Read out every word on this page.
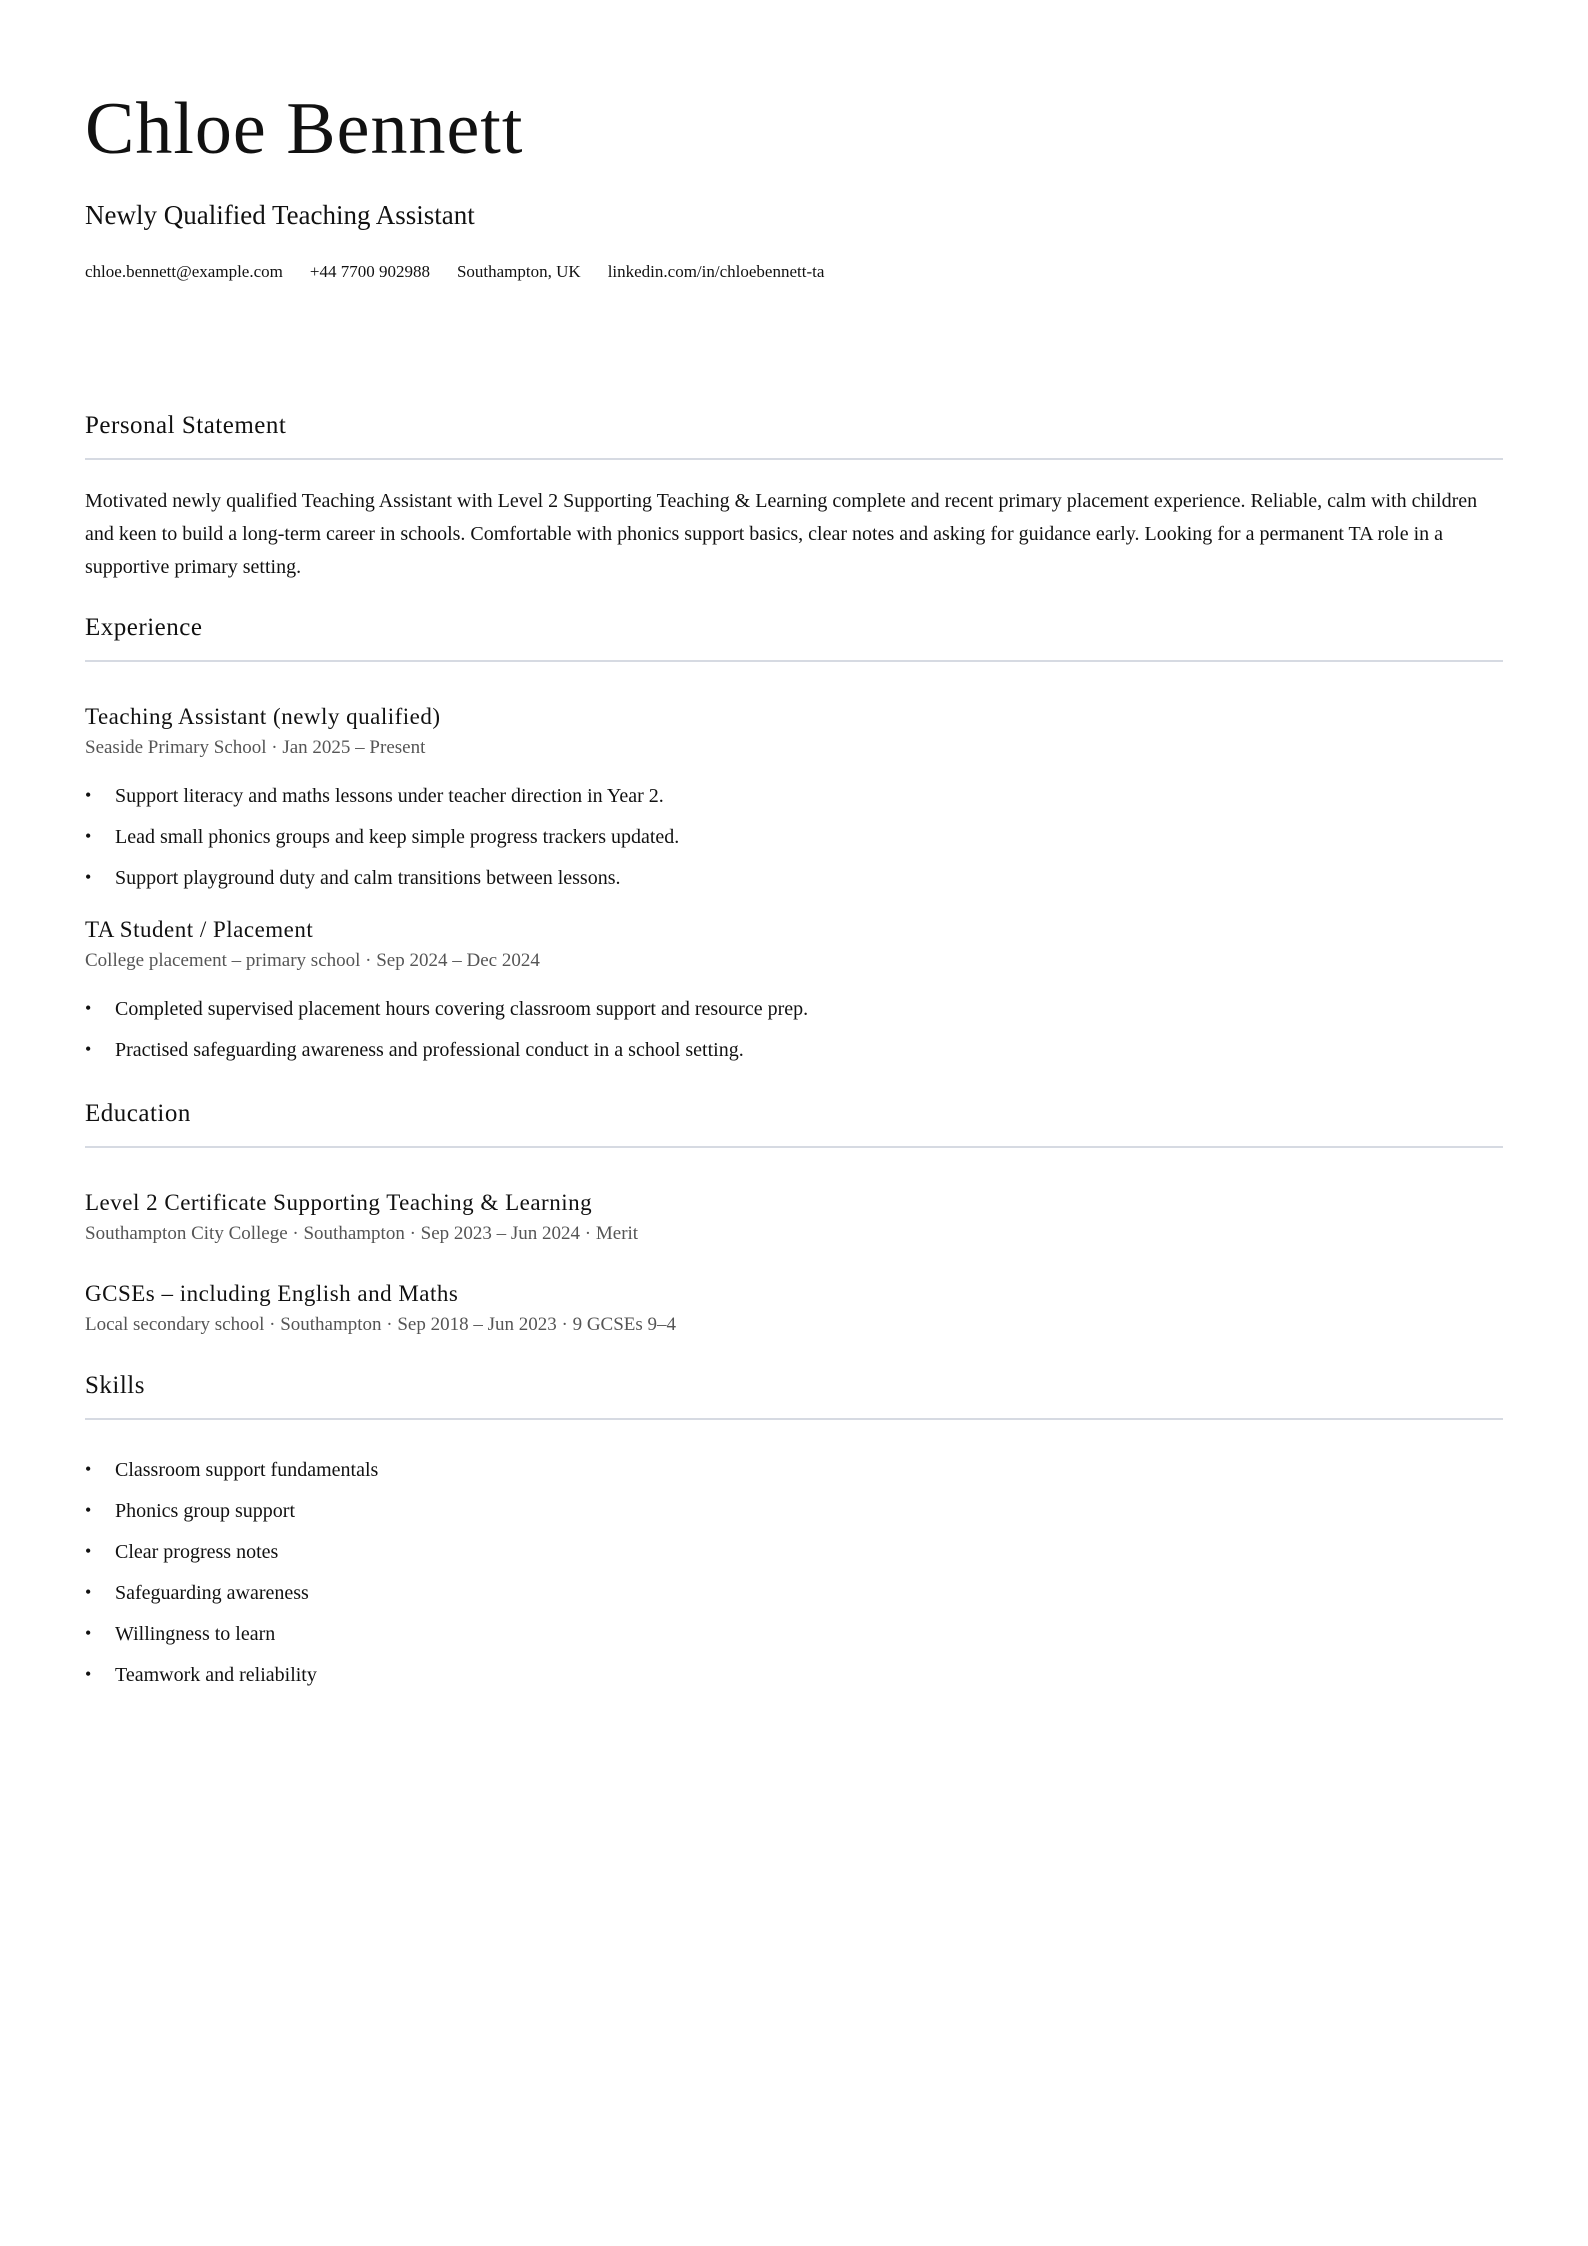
Chloe Bennett
Newly Qualified Teaching Assistant
chloe.bennett@example.com +44 7700 902988 Southampton, UK linkedin.com/in/chloebennett-ta
Personal Statement
Motivated newly qualified Teaching Assistant with Level 2 Supporting Teaching & Learning complete and recent primary placement experience. Reliable, calm with children and keen to build a long-term career in schools. Comfortable with phonics support basics, clear notes and asking for guidance early. Looking for a permanent TA role in a supportive primary setting.
Experience
Teaching Assistant (newly qualified)
Seaside Primary School · Jan 2025 – Present
• Support literacy and maths lessons under teacher direction in Year 2.
• Lead small phonics groups and keep simple progress trackers updated.
• Support playground duty and calm transitions between lessons.
TA Student / Placement
College placement – primary school · Sep 2024 – Dec 2024
• Completed supervised placement hours covering classroom support and resource prep.
• Practised safeguarding awareness and professional conduct in a school setting.
Education
Level 2 Certificate Supporting Teaching & Learning
Southampton City College · Southampton · Sep 2023 – Jun 2024 · Merit
GCSEs – including English and Maths
Local secondary school · Southampton · Sep 2018 – Jun 2023 · 9 GCSEs 9–4
Skills
• Classroom support fundamentals
• Phonics group support
• Clear progress notes
• Safeguarding awareness
• Willingness to learn
• Teamwork and reliability
